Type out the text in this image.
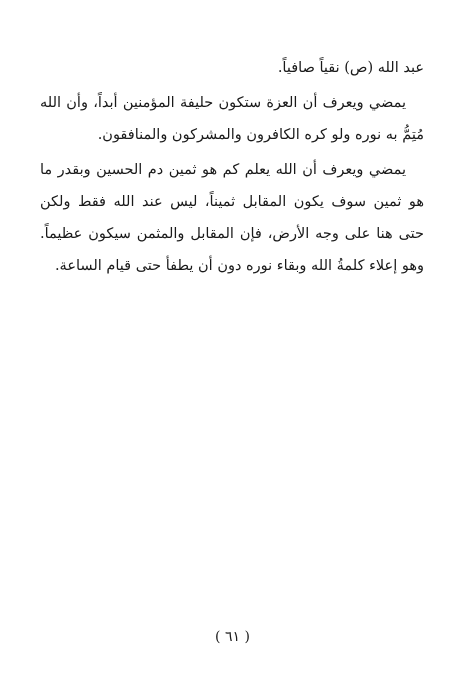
عبد الله (ص) نقياً صافياً.

يمضي ويعرف أن العزة ستكون حليفة المؤمنين أبداً، وأن الله مُتِمُّ به نوره ولو كره الكافرون والمشركون والمنافقون.

يمضي ويعرف أن الله يعلم كم هو ثمين دم الحسين وبقدر ما هو ثمين سوف يكون المقابل ثميناً، ليس عند الله فقط ولكن حتى هنا على وجه الأرض، فإن المقابل والمثمن سيكون عظيماً. وهو إعلاء كلمةُ الله وبقاء نوره دون أن يطفأ حتى قيام الساعة.

( ٦١ )
